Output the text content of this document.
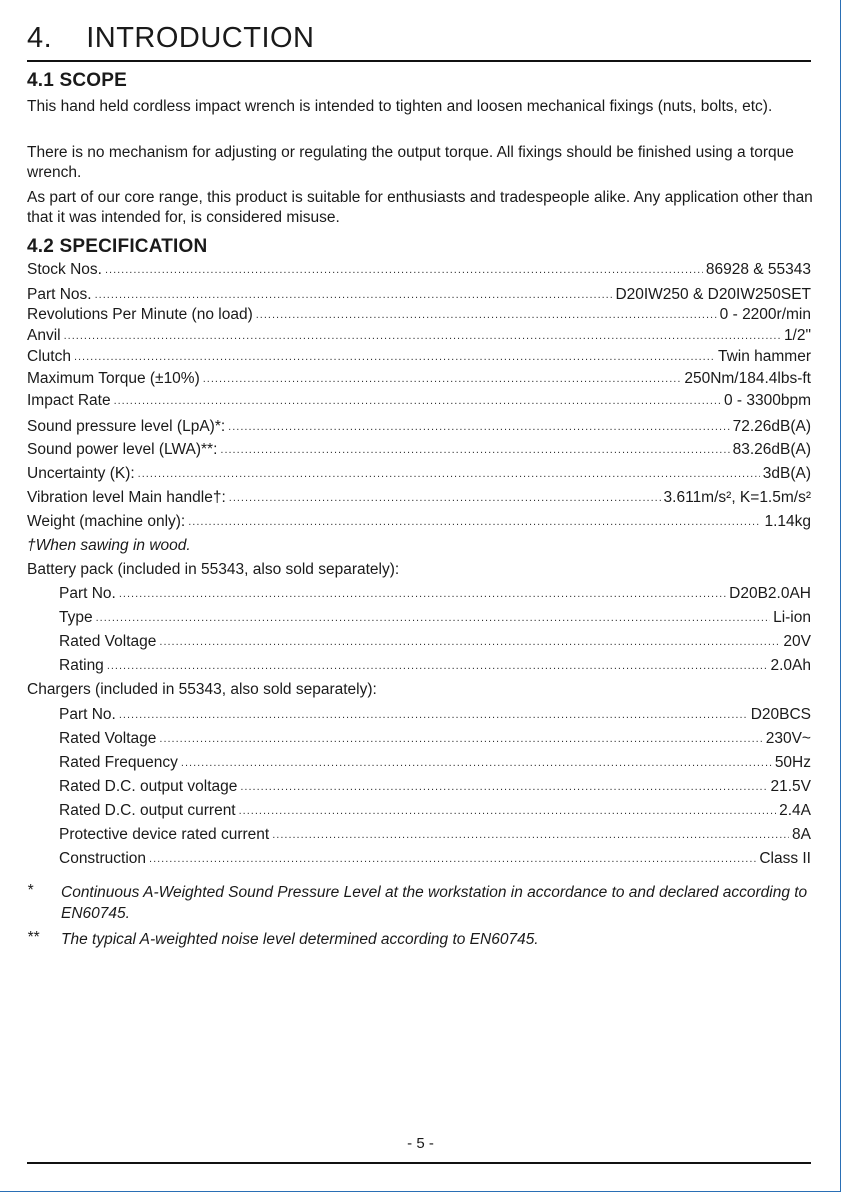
4. INTRODUCTION
4.1 SCOPE
This hand held cordless impact wrench is intended to tighten and loosen mechanical fixings (nuts, bolts, etc).
There is no mechanism for adjusting or regulating the output torque. All fixings should be finished using a torque wrench.
As part of our core range, this product is suitable for enthusiasts and tradespeople alike. Any application other than that it was intended for, is considered misuse.
4.2 SPECIFICATION
Stock Nos. .....	86928 & 55343
Part Nos. .....	D20IW250 & D20IW250SET
Revolutions Per Minute (no load) .....	0 - 2200r/min
Anvil .....	1/2"
Clutch .....	Twin hammer
Maximum Torque (±10%) .....	250Nm/184.4lbs-ft
Impact Rate .....	0 - 3300bpm
Sound pressure level (LpA)*: .....	72.26dB(A)
Sound power level (LWA)**: .....	83.26dB(A)
Uncertainty (K): .....	3dB(A)
Vibration level Main handle†: .....	3.611m/s², K=1.5m/s²
Weight (machine only): .....	1.14kg
†When sawing in wood.
Battery pack (included in 55343, also sold separately):
Part No. .....	D20B2.0AH
Type .....	Li-ion
Rated Voltage .....	20V
Rating .....	2.0Ah
Chargers (included in 55343, also sold separately):
Part No. .....	D20BCS
Rated Voltage .....	230V~
Rated Frequency .....	50Hz
Rated D.C. output voltage .....	21.5V
Rated D.C. output current .....	2.4A
Protective device rated current .....	8A
Construction .....	Class II
*	Continuous A-Weighted Sound Pressure Level at the workstation in accordance to and declared according to EN60745.
**	The typical A-weighted noise level determined according to EN60745.
- 5 -
